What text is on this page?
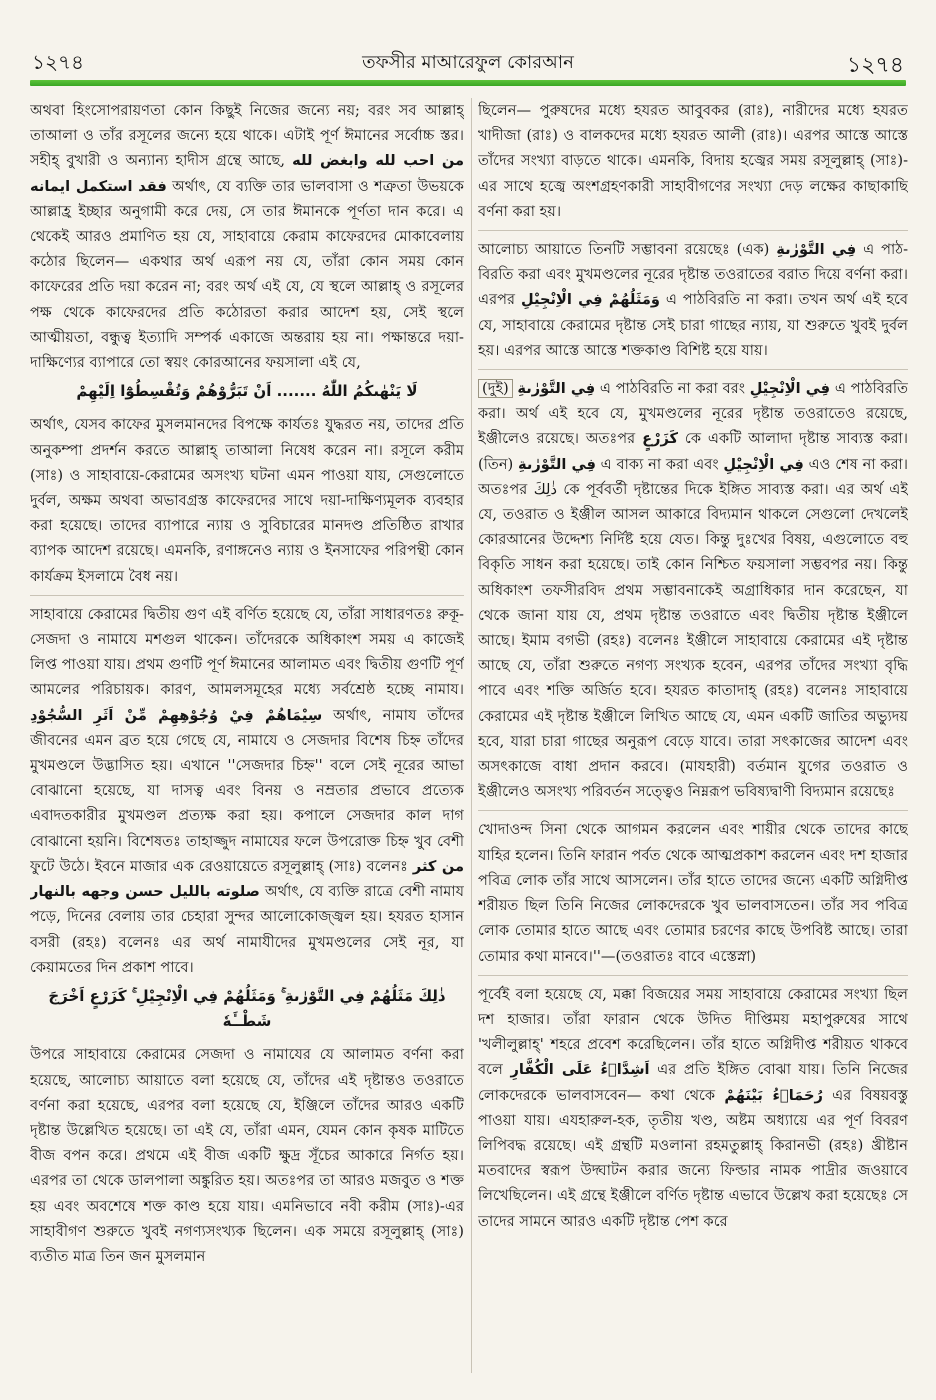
১২৭৪	তফসীর মাআরেফুল কোরআন	১২৭৪

অথবা হিংসোপরায়ণতা কোন কিছুই নিজের জন্যে নয়; বরং সব আল্লাহ্ তাআলা ও তাঁর রসূলের জন্যে হয়ে থাকে। এটাই পূর্ণ ঈমানের সর্বোচ্চ স্তর। সহীহ্ বুখারী ও অন্যান্য হাদীস গ্রন্থে আছে, من احب لله وابغض لله فقد استكمل ايمانه অর্থাৎ, যে ব্যক্তি তার ভালবাসা ও শত্রুতা উভয়কে আল্লাহ্র ইচ্ছার অনুগামী করে দেয়, সে তার ঈমানকে পূর্ণতা দান করে। এ থেকেই আরও প্রমাণিত হয় যে, সাহাবায়ে কেরাম কাফেরদের মোকাবেলায় কঠোর ছিলেন— একথার অর্থ এরূপ নয় যে, তাঁরা কোন সময় কোন কাফেরের প্রতি দয়া করেন না; বরং অর্থ এই যে, যে স্থলে আল্লাহ্ ও রসূলের পক্ষ থেকে কাফেরদের প্রতি কঠোরতা করার আদেশ হয়, সেই স্থলে আত্মীয়তা, বন্ধুত্ব ইত্যাদি সম্পর্ক একাজে অন্তরায় হয় না। পক্ষান্তরে দয়া-দাক্ষিণ্যের ব্যাপারে তো স্বয়ং কোরআনের ফয়সালা এই যে,

لَا يَنْهٰىكُمُ اللّٰهُ ....... اَنْ تَبَرُّوْهُمْ وَتُقْسِطُوْٓا اِلَيْهِمْ

অর্থাৎ, যেসব কাফের মুসলমানদের বিপক্ষে কার্যতঃ যুদ্ধরত নয়, তাদের প্রতি অনুকম্পা প্রদর্শন করতে আল্লাহ্ তাআলা নিষেধ করেন না। রসূলে করীম (সাঃ) ও সাহাবায়ে-কেরামের অসংখ্য ঘটনা এমন পাওয়া যায়, সেগুলোতে দুর্বল, অক্ষম অথবা অভাবগ্রস্ত কাফেরদের সাথে দয়া-দাক্ষিণ্যমূলক ব্যবহার করা হয়েছে। তাদের ব্যাপারে ন্যায় ও সুবিচারের মানদণ্ড প্রতিষ্ঠিত রাখার ব্যাপক আদেশ রয়েছে। এমনকি, রণাঙ্গনেও ন্যায় ও ইনসাফের পরিপন্থী কোন কার্যক্রম ইসলামে বৈধ নয়।

সাহাবায়ে কেরামের দ্বিতীয় গুণ এই বর্ণিত হয়েছে যে, তাঁরা সাধারণতঃ রুকূ-সেজদা ও নামাযে মশগুল থাকেন। তাঁদেরকে অধিকাংশ সময় এ কাজেই লিপ্ত পাওয়া যায়। প্রথম গুণটি পূর্ণ ঈমানের আলামত এবং দ্বিতীয় গুণটি পূর্ণ আমলের পরিচায়ক। কারণ, আমলসমূহের মধ্যে সর্বশ্রেষ্ঠ হচ্ছে নামায। سِيْمَاهُمْ فِيْ وُجُوْهِهِمْ مِّنْ اَثَرِ السُّجُوْدِ অর্থাৎ, নামায তাঁদের জীবনের এমন ব্রত হয়ে গেছে যে, নামাযে ও সেজদার বিশেষ চিহ্ন তাঁদের মুখমণ্ডলে উদ্ভাসিত হয়। এখানে ''সেজদার চিহ্ন'' বলে সেই নূরের আভা বোঝানো হয়েছে, যা দাসত্ব এবং বিনয় ও নম্রতার প্রভাবে প্রত্যেক এবাদতকারীর মুখমণ্ডল প্রত্যক্ষ করা হয়। কপালে সেজদার কাল দাগ বোঝানো হয়নি। বিশেষতঃ তাহাজ্জুদ নামাযের ফলে উপরোক্ত চিহ্ন খুব বেশী ফুটে উঠে। ইবনে মাজার এক রেওয়ায়েতে রসূলুল্লাহ্ (সাঃ) বলেনঃ من كثر صلوته بالليل حسن وجهه بالنهار অর্থাৎ, যে ব্যক্তি রাত্রে বেশী নামায পড়ে, দিনের বেলায় তার চেহারা সুন্দর আলোকোজ্জ্বল হয়। হযরত হাসান বসরী (রহঃ) বলেনঃ এর অর্থ নামাযীদের মুখমণ্ডলের সেই নূর, যা কেয়ামতের দিন প্রকাশ পাবে।

ذٰلِكَ مَثَلُهُمْ فِي التَّوْرٰىةِ ۚ وَمَثَلُهُمْ فِي الْاِنْجِيْلِ ۚ كَزَرْعٍ اَخْرَجَ شَطْــَٔهٗ

উপরে সাহাবায়ে কেরামের সেজদা ও নামাযের যে আলামত বর্ণনা করা হয়েছে, আলোচ্য আয়াতে বলা হয়েছে যে, তাঁদের এই দৃষ্টান্তও তওরাতে বর্ণনা করা হয়েছে, এরপর বলা হয়েছে যে, ইঞ্জিলে তাঁদের আরও একটি দৃষ্টান্ত উল্লেখিত হয়েছে। তা এই যে, তাঁরা এমন, যেমন কোন কৃষক মাটিতে বীজ বপন করে। প্রথমে এই বীজ একটি ক্ষুদ্র সূঁচের আকারে নির্গত হয়। এরপর তা থেকে ডালপালা অঙ্কুরিত হয়। অতঃপর তা আরও মজবুত ও শক্ত হয় এবং অবশেষে শক্ত কাণ্ড হয়ে যায়। এমনিভাবে নবী করীম (সাঃ)-এর সাহাবীগণ শুরুতে খুবই নগণ্যসংখ্যক ছিলেন। এক সময়ে রসূলুল্লাহ্ (সাঃ) ব্যতীত মাত্র তিন জন মুসলমান

ছিলেন— পুরুষদের মধ্যে হযরত আবুবকর (রাঃ), নারীদের মধ্যে হযরত খাদীজা (রাঃ) ও বালকদের মধ্যে হযরত আলী (রাঃ)। এরপর আস্তে আস্তে তাঁদের সংখ্যা বাড়তে থাকে। এমনকি, বিদায় হজ্বের সময় রসূলুল্লাহ্ (সাঃ)-এর সাথে হজ্বে অংশগ্রহণকারী সাহাবীগণের সংখ্যা দেড় লক্ষের কাছাকাছি বর্ণনা করা হয়।

আলোচ্য আয়াতে তিনটি সম্ভাবনা রয়েছেঃ (এক) فِي التَّوْرٰىةِ এ পাঠ-বিরতি করা এবং মুখমণ্ডলের নূরের দৃষ্টান্ত তওরাতের বরাত দিয়ে বর্ণনা করা। এরপর وَمَثَلُهُمْ فِي الْاِنْجِيْلِ এ পাঠবিরতি না করা। তখন অর্থ এই হবে যে, সাহাবায়ে কেরামের দৃষ্টান্ত সেই চারা গাছের ন্যায়, যা শুরুতে খুবই দুর্বল হয়। এরপর আস্তে আস্তে শক্তকাণ্ড বিশিষ্ট হয়ে যায়।

(দুই) فِي التَّوْرٰىةِ এ পাঠবিরতি না করা বরং فِي الْاِنْجِيْلِ এ পাঠবিরতি করা। অর্থ এই হবে যে, মুখমণ্ডলের নূরের দৃষ্টান্ত তওরাতেও রয়েছে, ইঞ্জীলেও রয়েছে। অতঃপর كَزَرْعٍ কে একটি আলাদা দৃষ্টান্ত সাব্যস্ত করা। (তিন) فِي التَّوْرٰىةِ এ বাক্য না করা এবং فِي الْاِنْجِيْلِ এও শেষ না করা। অতঃপর ذٰلِكَ কে পূর্ববর্তী দৃষ্টান্তের দিকে ইঙ্গিত সাব্যস্ত করা। এর অর্থ এই যে, তওরাত ও ইঞ্জীল আসল আকারে বিদ্যমান থাকলে সেগুলো দেখলেই কোরআনের উদ্দেশ্য নির্দিষ্ট হয়ে যেত। কিন্তু দুঃখের বিষয়, এগুলোতে বহু বিকৃতি সাধন করা হয়েছে। তাই কোন নিশ্চিত ফয়সালা সম্ভবপর নয়। কিন্তু অধিকাংশ তফসীরবিদ প্রথম সম্ভাবনাকেই অগ্রাধিকার দান করেছেন, যা থেকে জানা যায় যে, প্রথম দৃষ্টান্ত তওরাতে এবং দ্বিতীয় দৃষ্টান্ত ইঞ্জীলে আছে। ইমাম বগভী (রহঃ) বলেনঃ ইঞ্জীলে সাহাবায়ে কেরামের এই দৃষ্টান্ত আছে যে, তাঁরা শুরুতে নগণ্য সংখ্যক হবেন, এরপর তাঁদের সংখ্যা বৃদ্ধি পাবে এবং শক্তি অর্জিত হবে। হযরত কাতাদাহ্ (রহঃ) বলেনঃ সাহাবায়ে কেরামের এই দৃষ্টান্ত ইঞ্জীলে লিখিত আছে যে, এমন একটি জাতির অভ্যুদয় হবে, যারা চারা গাছের অনুরূপ বেড়ে যাবে। তারা সৎকাজের আদেশ এবং অসৎকাজে বাধা প্রদান করবে। (মাযহারী) বর্তমান যুগের তওরাত ও ইঞ্জীলেও অসংখ্য পরিবর্তন সত্ত্বেও নিম্নরূপ ভবিষ্যদ্বাণী বিদ্যমান রয়েছেঃ

খোদাওন্দ সিনা থেকে আগমন করলেন এবং শায়ীর থেকে তাদের কাছে যাহির হলেন। তিনি ফারান পর্বত থেকে আত্মপ্রকাশ করলেন এবং দশ হাজার পবিত্র লোক তাঁর সাথে আসলেন। তাঁর হাতে তাদের জন্যে একটি অগ্নিদীপ্ত শরীয়ত ছিল তিনি নিজের লোকদেরকে খুব ভালবাসতেন। তাঁর সব পবিত্র লোক তোমার হাতে আছে এবং তোমার চরণের কাছে উপবিষ্ট আছে। তারা তোমার কথা মানবে।''—(তওরাতঃ বাবে এস্তেস্না)

পূর্বেই বলা হয়েছে যে, মক্কা বিজয়ের সময় সাহাবায়ে কেরামের সংখ্যা ছিল দশ হাজার। তাঁরা ফারান থেকে উদিত দীপ্তিময় মহাপুরুষের সাথে 'খলীলুল্লাহ্' শহরে প্রবেশ করেছিলেন। তাঁর হাতে অগ্নিদীপ্ত শরীয়ত থাকবে বলে اَشِدَّاۤءُ عَلَى الْكُفَّارِ এর প্রতি ইঙ্গিত বোঝা যায়। তিনি নিজের লোকদেরকে ভালবাসবেন— কথা থেকে رُحَمَاۤءُ بَيْنَهُمْ এর বিষয়বস্তু পাওয়া যায়। এযহারুল-হক, তৃতীয় খণ্ড, অষ্টম অধ্যায়ে এর পূর্ণ বিবরণ লিপিবদ্ধ রয়েছে। এই গ্রন্থটি মওলানা রহমতুল্লাহ্ কিরানভী (রহঃ) খ্রীষ্টান মতবাদের স্বরূপ উদ্ঘাটন করার জন্যে ফিল্ডার নামক পাদ্রীর জওয়াবে লিখেছিলেন। এই গ্রন্থে ইঞ্জীলে বর্ণিত দৃষ্টান্ত এভাবে উল্লেখ করা হয়েছেঃ সে তাদের সামনে আরও একটি দৃষ্টান্ত পেশ করে
